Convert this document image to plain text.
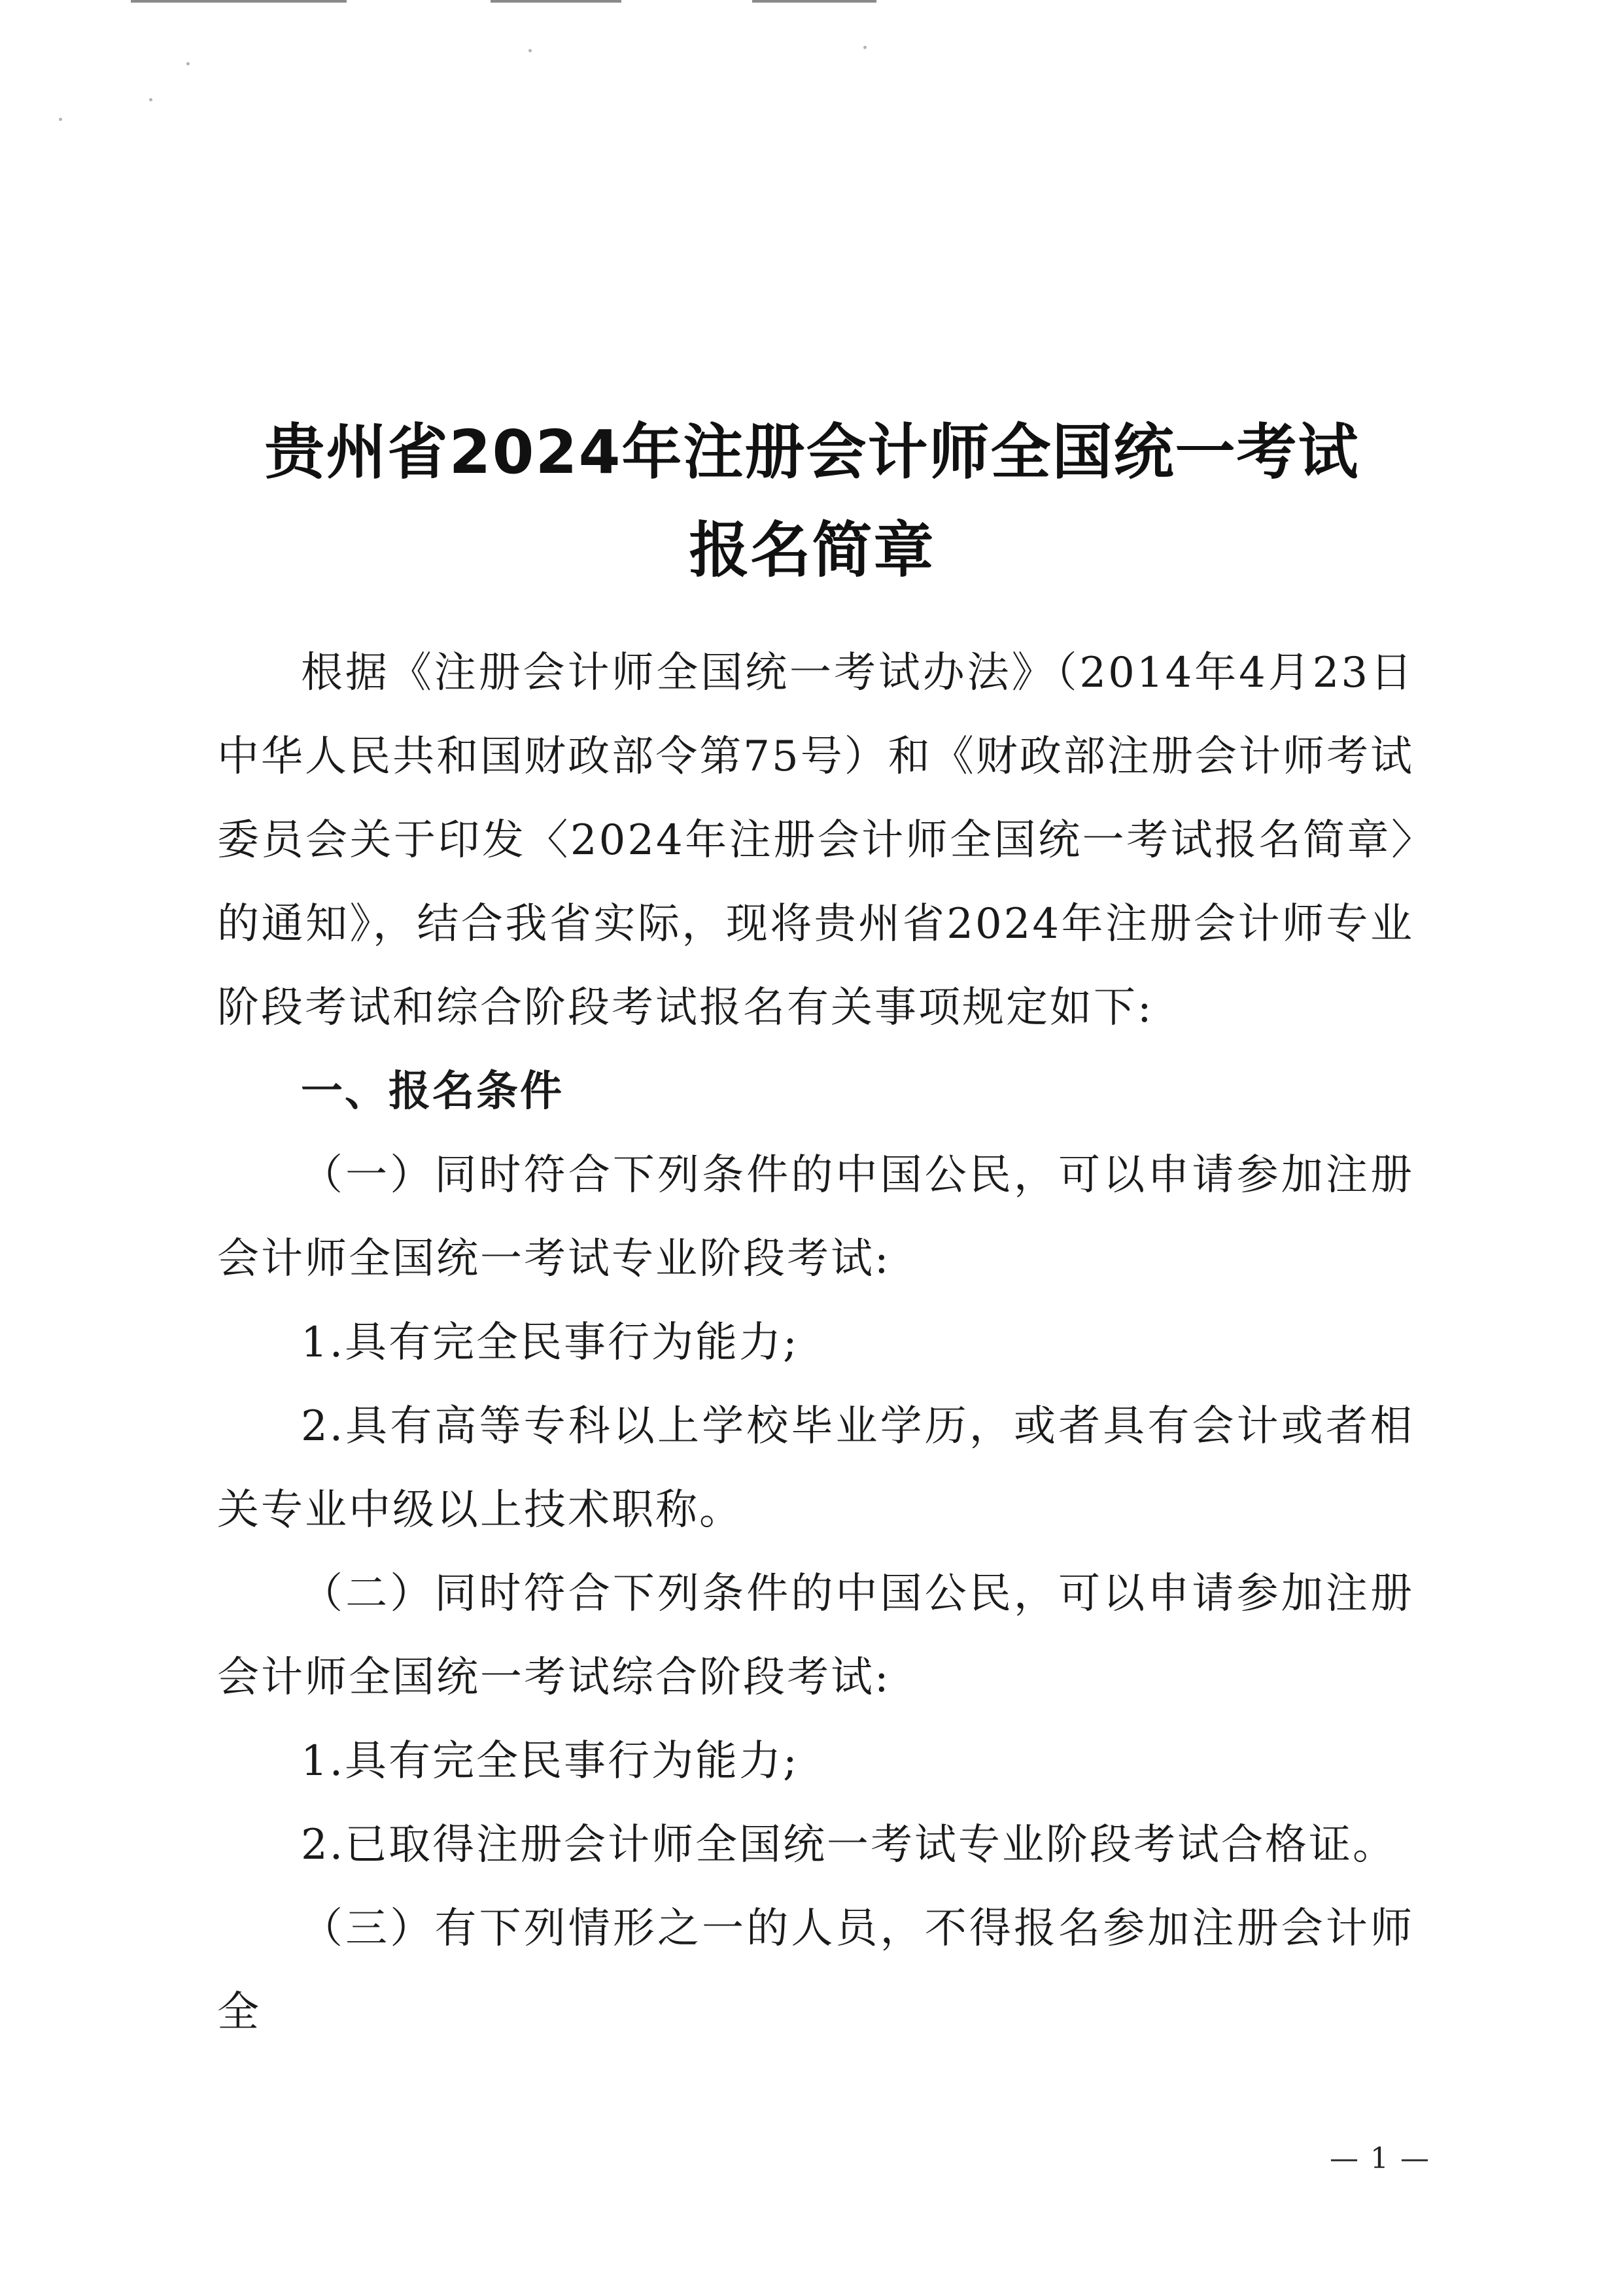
贵州省2024年注册会计师全国统一考试
报名简章

根据《注册会计师全国统一考试办法》（2014年4月23日中华人民共和国财政部令第75号）和《财政部注册会计师考试委员会关于印发〈2024年注册会计师全国统一考试报名简章〉的通知》，结合我省实际，现将贵州省2024年注册会计师专业阶段考试和综合阶段考试报名有关事项规定如下:

一、报名条件

（一）同时符合下列条件的中国公民，可以申请参加注册会计师全国统一考试专业阶段考试:

1.具有完全民事行为能力;

2.具有高等专科以上学校毕业学历，或者具有会计或者相关专业中级以上技术职称。

（二）同时符合下列条件的中国公民，可以申请参加注册会计师全国统一考试综合阶段考试:

1.具有完全民事行为能力;

2.已取得注册会计师全国统一考试专业阶段考试合格证。

（三）有下列情形之一的人员，不得报名参加注册会计师全

— 1 —
